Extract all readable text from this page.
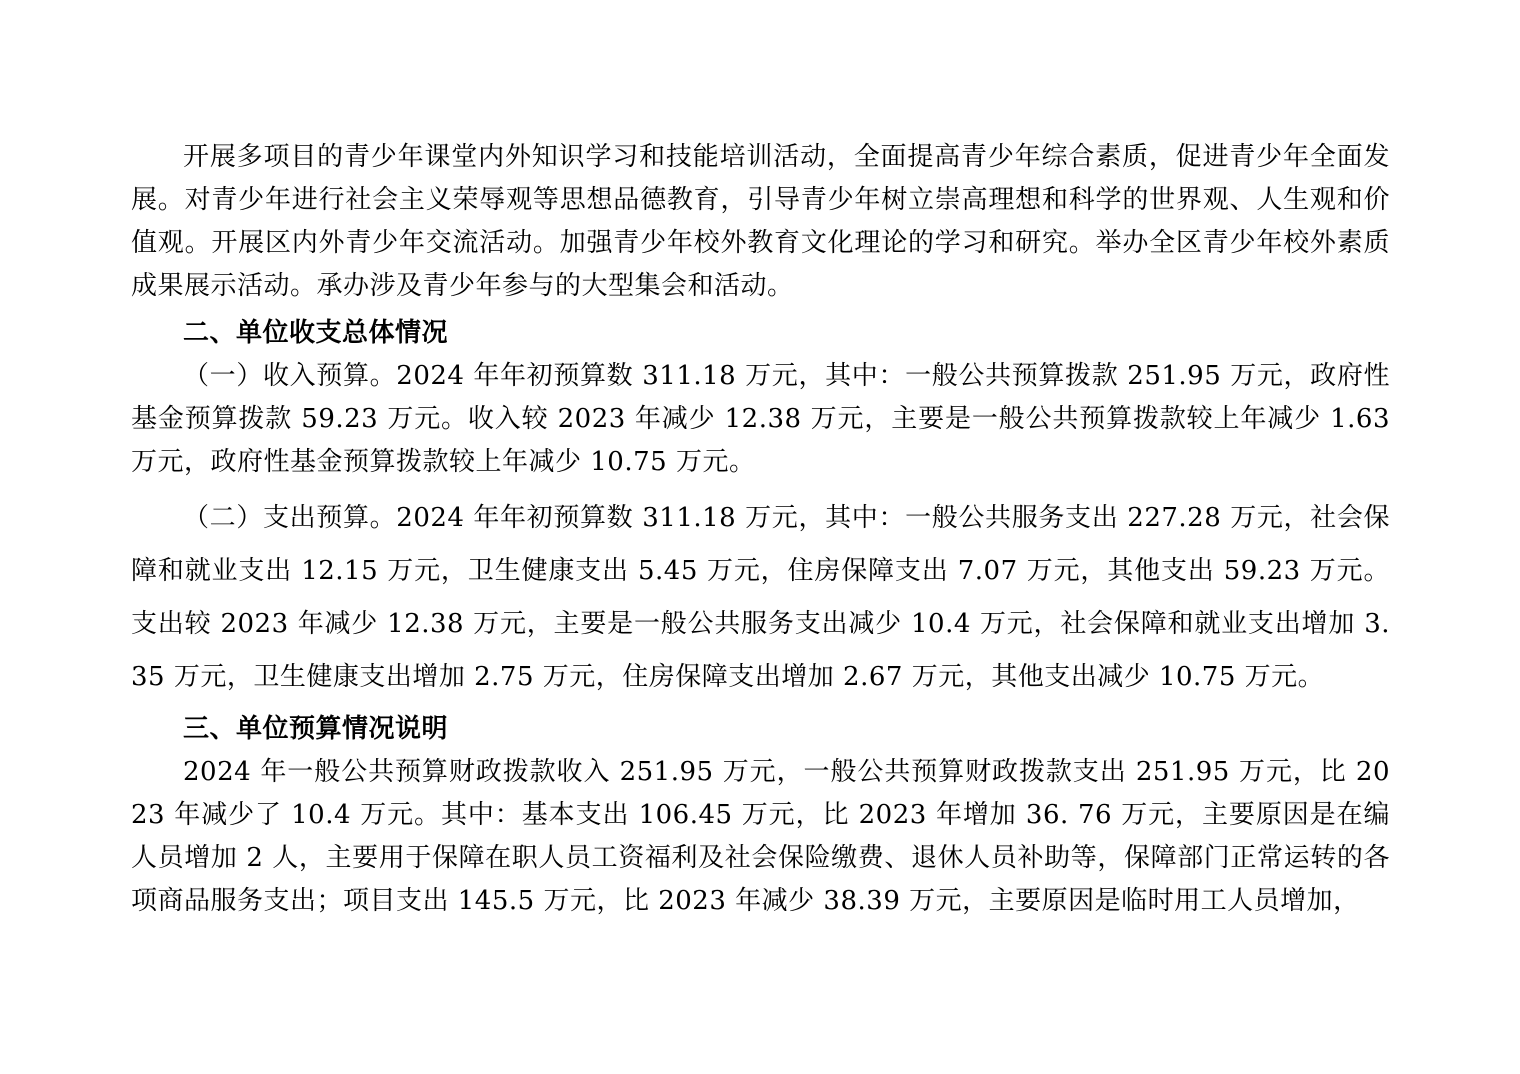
开展多项目的青少年课堂内外知识学习和技能培训活动，全面提高青少年综合素质，促进青少年全面发展。对青少年进行社会主义荣辱观等思想品德教育，引导青少年树立崇高理想和科学的世界观、人生观和价值观。开展区内外青少年交流活动。加强青少年校外教育文化理论的学习和研究。举办全区青少年校外素质成果展示活动。承办涉及青少年参与的大型集会和活动。

二、单位收支总体情况

（一）收入预算。2024 年年初预算数 311.18 万元，其中：一般公共预算拨款 251.95 万元，政府性基金预算拨款 59.23 万元。收入较 2023 年减少 12.38 万元，主要是一般公共预算拨款较上年减少 1.63 万元，政府性基金预算拨款较上年减少 10.75 万元。

（二）支出预算。2024 年年初预算数 311.18 万元，其中：一般公共服务支出 227.28 万元，社会保障和就业支出 12.15 万元，卫生健康支出 5.45 万元，住房保障支出 7.07 万元，其他支出 59.23 万元。支出较 2023 年减少 12.38 万元，主要是一般公共服务支出减少 10.4 万元，社会保障和就业支出增加 3.35 万元，卫生健康支出增加 2.75 万元，住房保障支出增加 2.67 万元，其他支出减少 10.75 万元。

三、单位预算情况说明

2024 年一般公共预算财政拨款收入 251.95 万元，一般公共预算财政拨款支出 251.95 万元，比 2023 年减少了 10.4 万元。其中：基本支出 106.45 万元，比 2023 年增加 36. 76 万元，主要原因是在编人员增加 2 人，主要用于保障在职人员工资福利及社会保险缴费、退休人员补助等，保障部门正常运转的各项商品服务支出；项目支出 145.5 万元，比 2023 年减少 38.39 万元，主要原因是临时用工人员增加，
